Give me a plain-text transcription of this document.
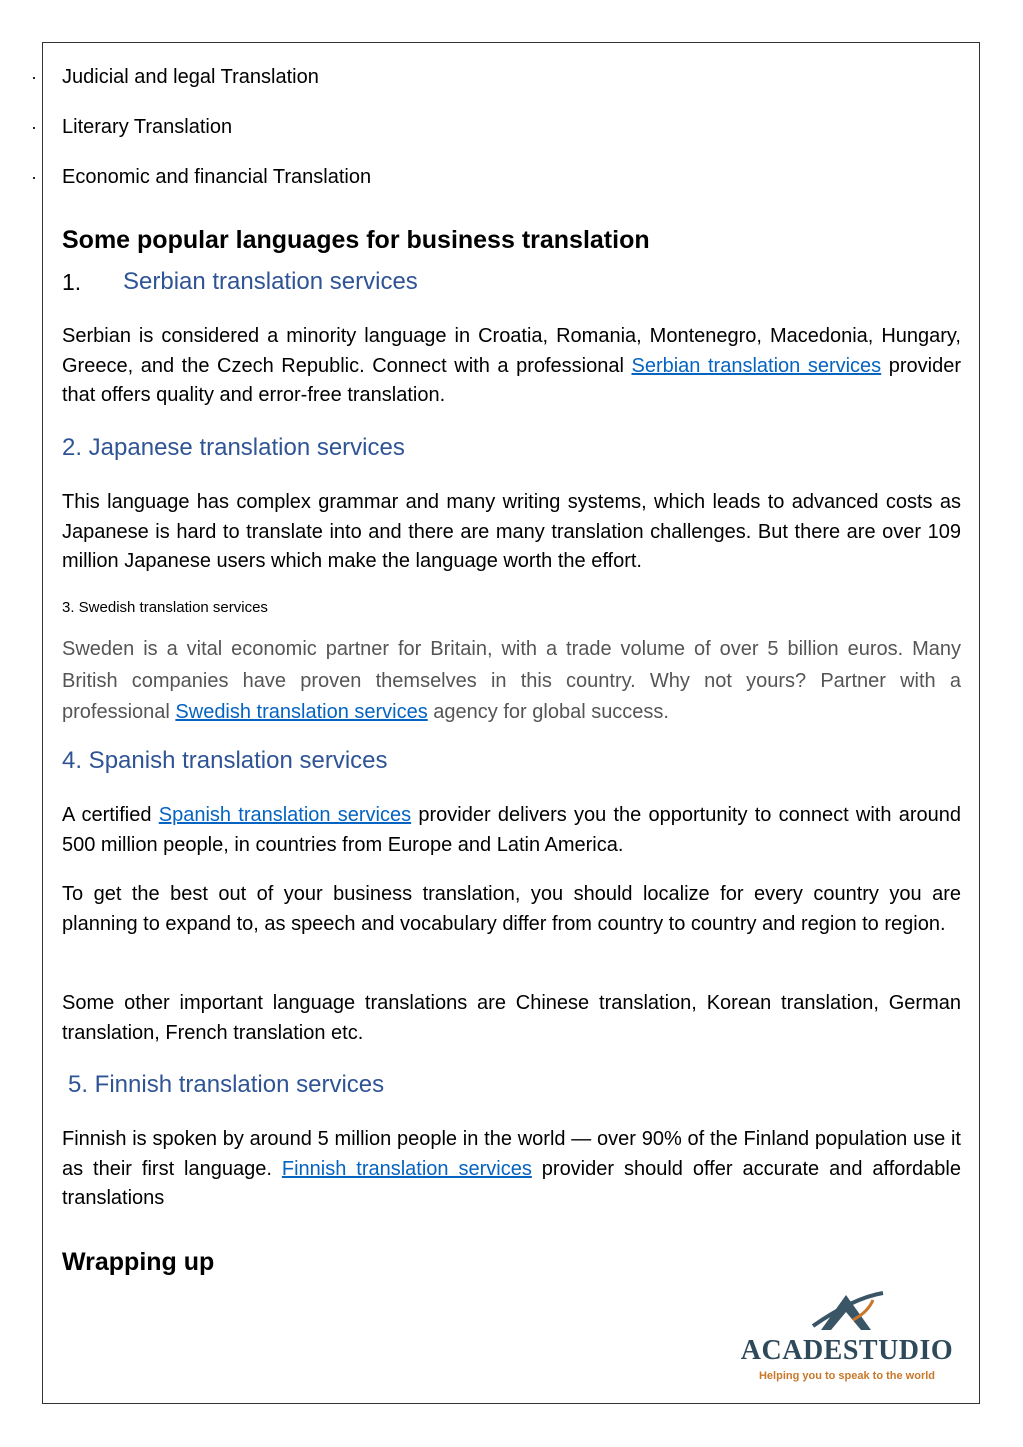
· Judicial and legal Translation
· Literary Translation
· Economic and financial Translation
Some popular languages for business translation
1. Serbian translation services

Serbian is considered a minority language in Croatia, Romania, Montenegro, Macedonia, Hungary, Greece, and the Czech Republic. Connect with a professional Serbian translation services provider that offers quality and error-free translation.

2. Japanese translation services

This language has complex grammar and many writing systems, which leads to advanced costs as Japanese is hard to translate into and there are many translation challenges. But there are over 109 million Japanese users which make the language worth the effort.

3. Swedish translation services

Sweden is a vital economic partner for Britain, with a trade volume of over 5 billion euros. Many British companies have proven themselves in this country. Why not yours? Partner with a professional Swedish translation services agency for global success.

4. Spanish translation services

A certified Spanish translation services provider delivers you the opportunity to connect with around 500 million people, in countries from Europe and Latin America.

To get the best out of your business translation, you should localize for every country you are planning to expand to, as speech and vocabulary differ from country to country and region to region.

Some other important language translations are Chinese translation, Korean translation, German translation, French translation etc.

5. Finnish translation services

Finnish is spoken by around 5 million people in the world — over 90% of the Finland population use it as their first language. Finnish translation services provider should offer accurate and affordable translations

Wrapping up
ACADESTUDIO
Helping you to speak to the world
